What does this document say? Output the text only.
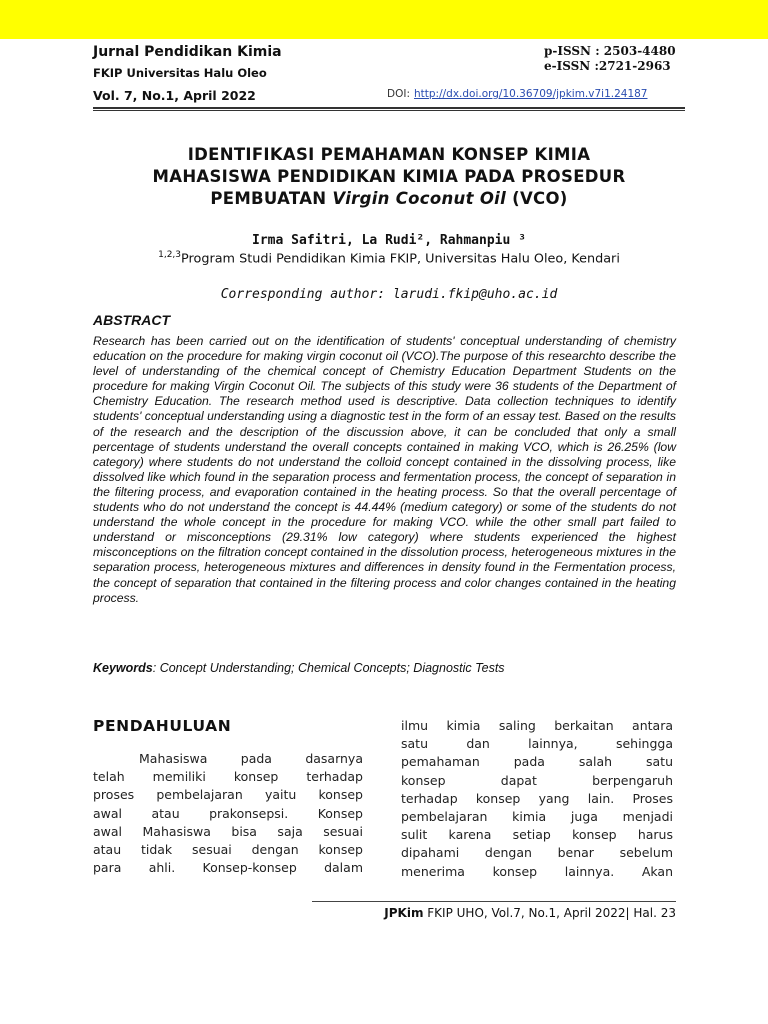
Jurnal Pendidikan Kimia
FKIP Universitas Halu Oleo
p-ISSN : 2503-4480
e-ISSN :2721-2963
Vol. 7, No.1, April 2022	DOI: http://dx.doi.org/10.36709/jpkim.v7i1.24187
IDENTIFIKASI PEMAHAMAN KONSEP KIMIA
MAHASISWA PENDIDIKAN KIMIA PADA PROSEDUR
PEMBUATAN Virgin Coconut Oil (VCO)
Irma Safitri, La Rudi², Rahmanpiu ³
$^{1,2,3}$Program Studi Pendidikan Kimia FKIP, Universitas Halu Oleo, Kendari
Corresponding author: larudi.fkip@uho.ac.id
ABSTRACT
Research has been carried out on the identification of students' conceptual understanding of chemistry education on the procedure for making virgin coconut oil (VCO).The purpose of this researchto describe the level of understanding of the chemical concept of Chemistry Education Department Students on the procedure for making Virgin Coconut Oil. The subjects of this study were 36 students of the Department of Chemistry Education. The research method used is descriptive. Data collection techniques to identify students' conceptual understanding using a diagnostic test in the form of an essay test. Based on the results of the research and the description of the discussion above, it can be concluded that only a small percentage of students understand the overall concepts contained in making VCO, which is 26.25% (low category) where students do not understand the colloid concept contained in the dissolving process, like dissolved like which found in the separation process and fermentation process, the concept of separation in the filtering process, and evaporation contained in the heating process. So that the overall percentage of students who do not understand the concept is 44.44% (medium category) or some of the students do not understand the whole concept in the procedure for making VCO. while the other small part failed to understand or misconceptions (29.31% low category) where students experienced the highest misconceptions on the filtration concept contained in the dissolution process, heterogeneous mixtures in the separation process, heterogeneous mixtures and differences in density found in the Fermentation process, the concept of separation that contained in the filtering process and color changes contained in the heating process.
Keywords: Concept Understanding; Chemical Concepts; Diagnostic Tests
PENDAHULUAN
Mahasiswa pada dasarnya
telah memiliki konsep terhadap
proses pembelajaran yaitu konsep
awal atau prakonsepsi. Konsep
awal Mahasiswa bisa saja sesuai
atau tidak sesuai dengan konsep
para ahli. Konsep-konsep dalam
ilmu kimia saling berkaitan antara
satu dan lainnya, sehingga
pemahaman pada salah satu
konsep dapat berpengaruh
terhadap konsep yang lain. Proses
pembelajaran kimia juga menjadi
sulit karena setiap konsep harus
dipahami dengan benar sebelum
menerima konsep lainnya. Akan
JPKim FKIP UHO, Vol.7, No.1, April 2022| Hal. 23
